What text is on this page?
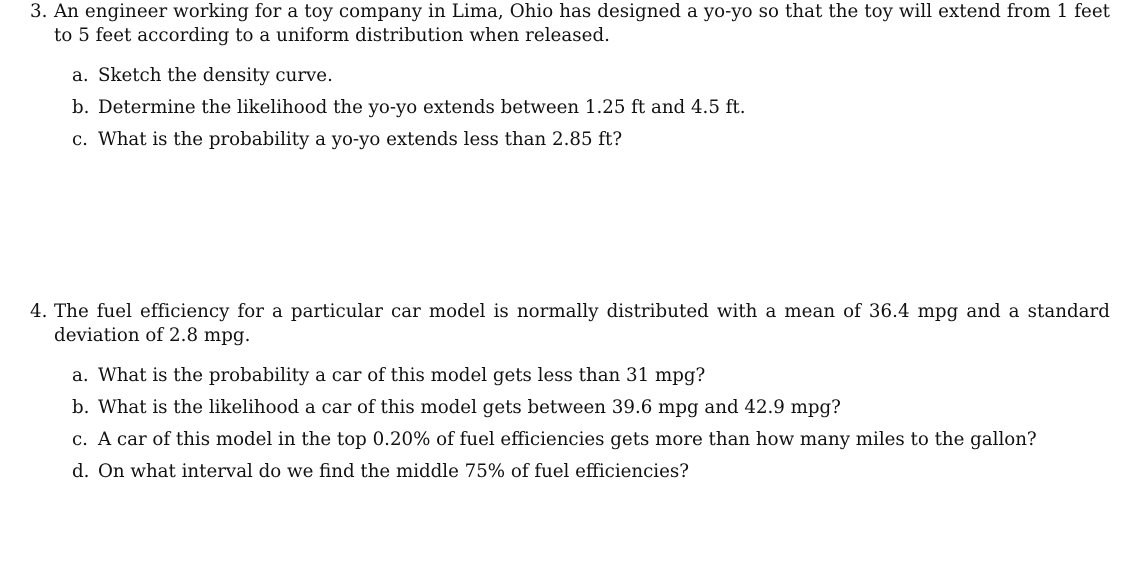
3. An engineer working for a toy company in Lima, Ohio has designed a yo-yo so that the toy will extend from 1 feet to 5 feet according to a uniform distribution when released.
a. Sketch the density curve.
b. Determine the likelihood the yo-yo extends between 1.25 ft and 4.5 ft.
c. What is the probability a yo-yo extends less than 2.85 ft?
4. The fuel efficiency for a particular car model is normally distributed with a mean of 36.4 mpg and a standard deviation of 2.8 mpg.
a. What is the probability a car of this model gets less than 31 mpg?
b. What is the likelihood a car of this model gets between 39.6 mpg and 42.9 mpg?
c. A car of this model in the top 0.20% of fuel efficiencies gets more than how many miles to the gallon?
d. On what interval do we find the middle 75% of fuel efficiencies?
